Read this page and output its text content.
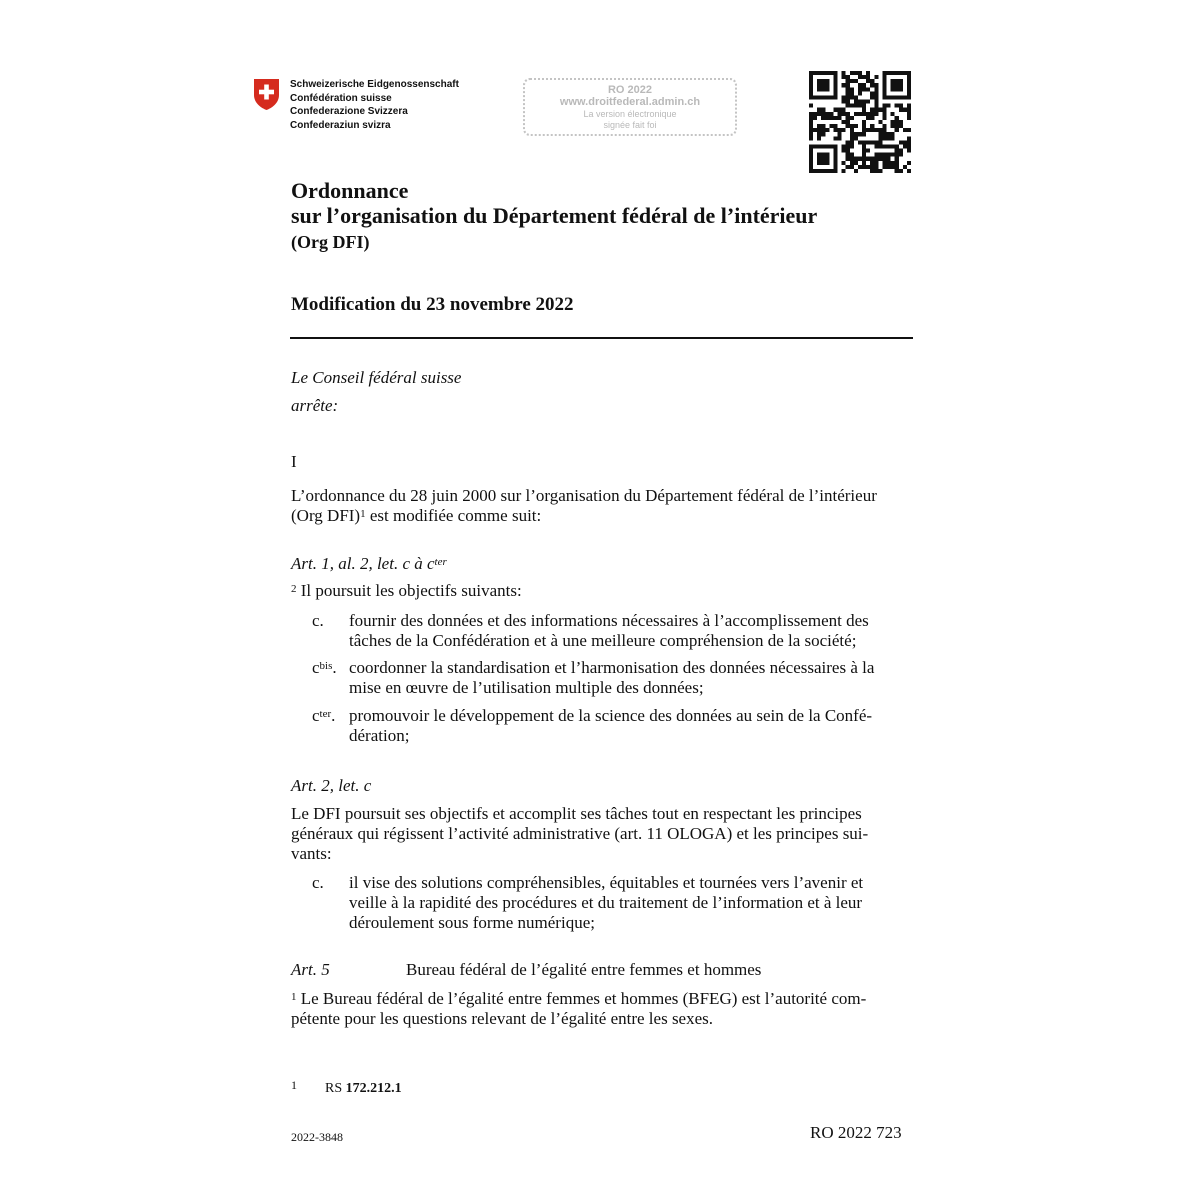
Schweizerische Eidgenossenschaft
Confédération suisse
Confederazione Svizzera
Confederaziun svizra
RO 2022
www.droitfederal.admin.ch
La version électronique
signée fait foi
Ordonnance
sur l’organisation du Département fédéral de l’intérieur
(Org DFI)
Modification du 23 novembre 2022
Le Conseil fédéral suisse
arrête:
I
L’ordonnance du 28 juin 2000 sur l’organisation du Département fédéral de l’intérieur
(Org DFI)$^1$ est modifiée comme suit:
Art. 1, al. 2, let. c à $c^{ter}$
$^2$ Il poursuit les objectifs suivants:
c.	fournir des données et des informations nécessaires à l’accomplissement des
tâches de la Confédération et à une meilleure compréhension de la société;
$c^{bis}$. coordonner la standardisation et l’harmonisation des données nécessaires à la
mise en œuvre de l’utilisation multiple des données;
$c^{ter}$. promouvoir le développement de la science des données au sein de la Confé-
dération;
Art. 2, let. c
Le DFI poursuit ses objectifs et accomplit ses tâches tout en respectant les principes
généraux qui régissent l’activité administrative (art. 11 OLOGA) et les principes sui-
vants:
c.	il vise des solutions compréhensibles, équitables et tournées vers l’avenir et
veille à la rapidité des procédures et du traitement de l’information et à leur
déroulement sous forme numérique;
Art. 5	Bureau fédéral de l’égalité entre femmes et hommes
$^1$ Le Bureau fédéral de l’égalité entre femmes et hommes (BFEG) est l’autorité com-
pétente pour les questions relevant de l’égalité entre les sexes.
1 RS 172.212.1
2022-3848	RO 2022 723
